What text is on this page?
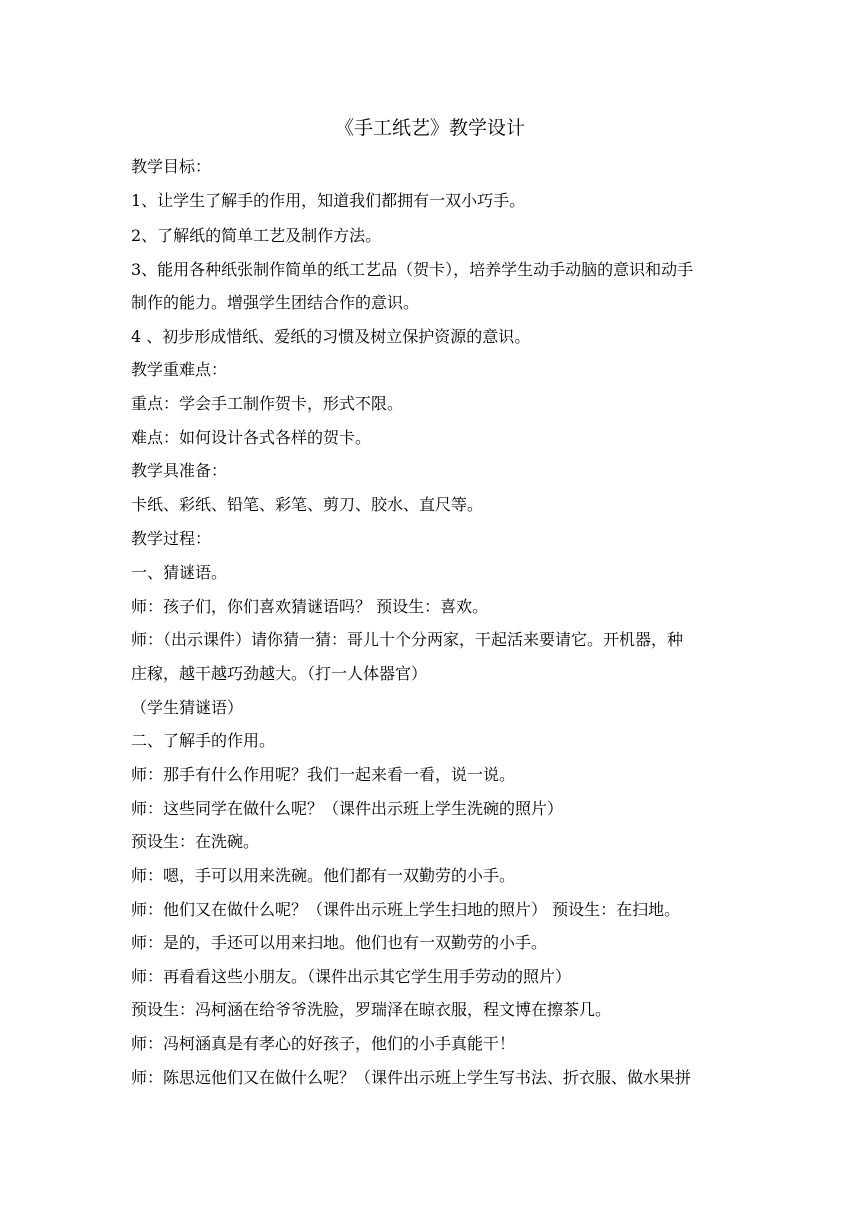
《手工纸艺》教学设计
教学目标：
1、让学生了解手的作用，知道我们都拥有一双小巧手。
2、了解纸的简单工艺及制作方法。
3、能用各种纸张制作简单的纸工艺品（贺卡），培养学生动手动脑的意识和动手
制作的能力。增强学生团结合作的意识。
4 、初步形成惜纸、爱纸的习惯及树立保护资源的意识。
教学重难点：
重点：学会手工制作贺卡，形式不限。
难点：如何设计各式各样的贺卡。
教学具准备：
卡纸、彩纸、铅笔、彩笔、剪刀、胶水、直尺等。
教学过程：
一、猜谜语。
师：孩子们，你们喜欢猜谜语吗？ 预设生：喜欢。
师：（出示课件）请你猜一猜：哥儿十个分两家，干起活来要请它。开机器，种
庄稼，越干越巧劲越大。（打一人体器官）
（学生猜谜语）
二、了解手的作用。
师：那手有什么作用呢？我们一起来看一看，说一说。
师：这些同学在做什么呢？（课件出示班上学生洗碗的照片）
预设生：在洗碗。
师：嗯，手可以用来洗碗。他们都有一双勤劳的小手。
师：他们又在做什么呢？（课件出示班上学生扫地的照片） 预设生：在扫地。
师：是的，手还可以用来扫地。他们也有一双勤劳的小手。
师：再看看这些小朋友。（课件出示其它学生用手劳动的照片）
预设生：冯柯涵在给爷爷洗脸，罗瑞泽在晾衣服，程文博在擦茶几。
师：冯柯涵真是有孝心的好孩子，他们的小手真能干！
师：陈思远他们又在做什么呢？（课件出示班上学生写书法、折衣服、做水果拼
